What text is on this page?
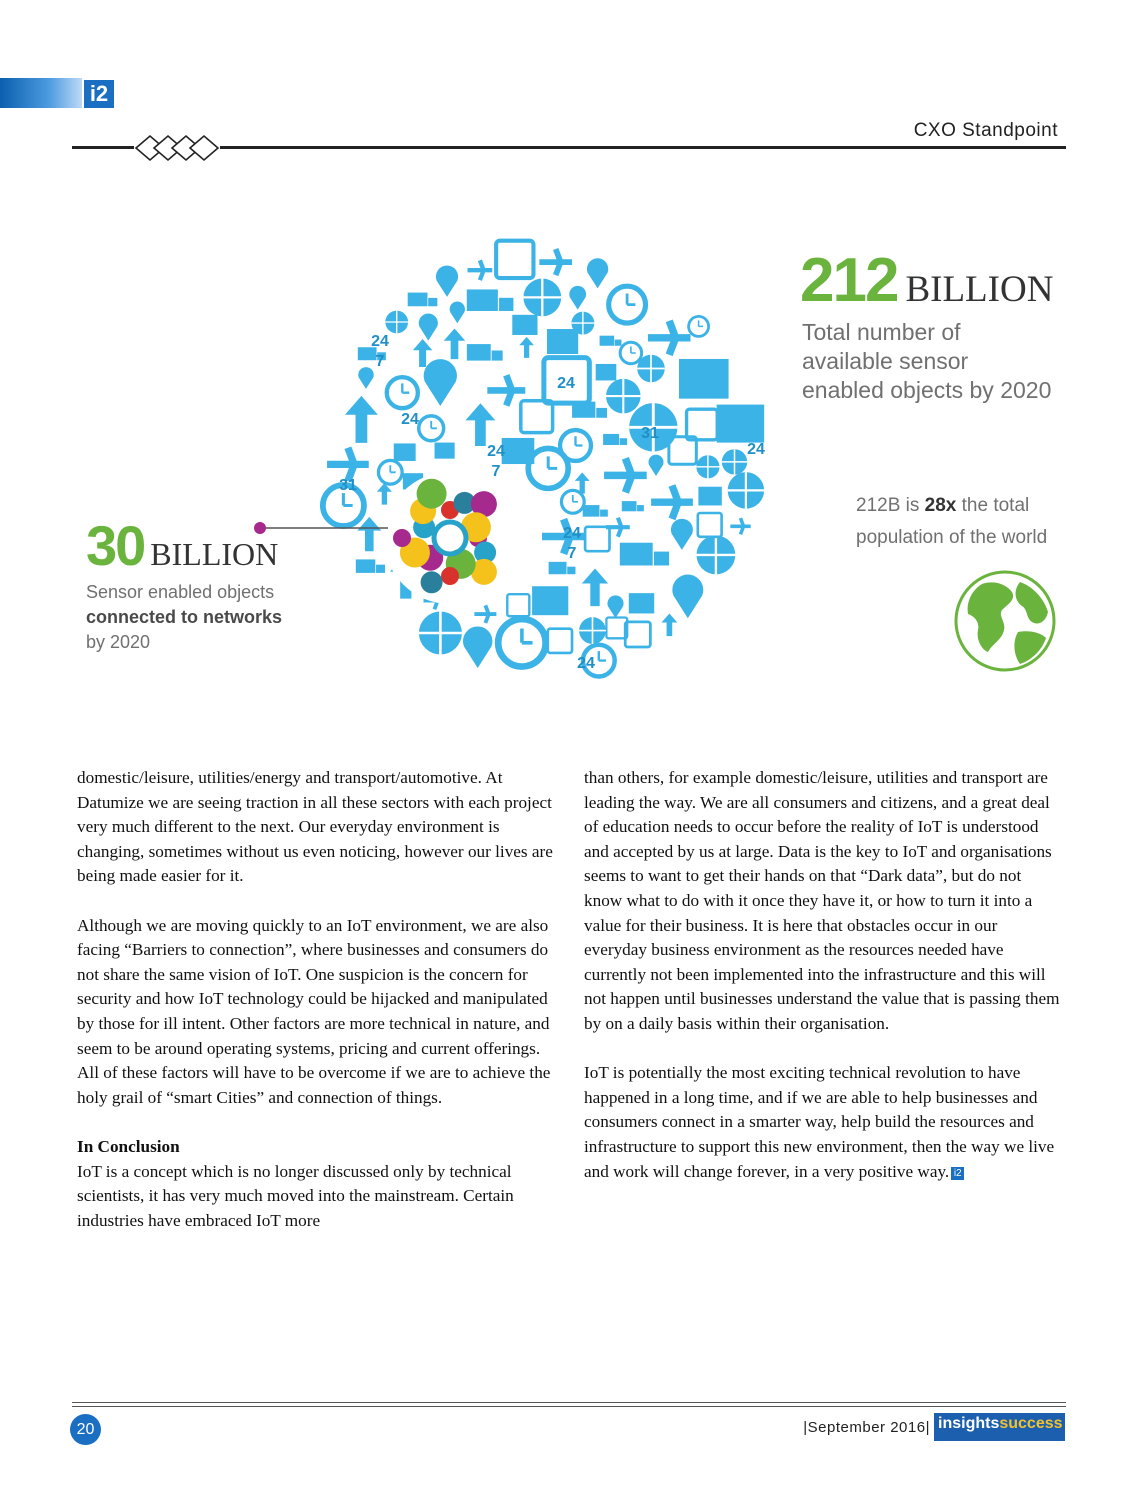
i2
CXO Standpoint
24
7
31
24
24
31
24
7
24
24
7
24
212 BILLION
Total number of available sensor enabled objects by 2020
212B is 28x the total population of the world
30 BILLION
Sensor enabled objects
connected to networks
by 2020

domestic/leisure, utilities/energy and transport/automotive. At Datumize we are seeing traction in all these sectors with each project very much different to the next. Our everyday environment is changing, sometimes without us even noticing, however our lives are being made easier for it.

Although we are moving quickly to an IoT environment, we are also facing “Barriers to connection”, where businesses and consumers do not share the same vision of IoT. One suspicion is the concern for security and how IoT technology could be hijacked and manipulated by those for ill intent. Other factors are more technical in nature, and seem to be around operating systems, pricing and current offerings. All of these factors will have to be overcome if we are to achieve the holy grail of “smart Cities” and connection of things.

In Conclusion

IoT is a concept which is no longer discussed only by technical scientists, it has very much moved into the mainstream. Certain industries have embraced IoT more

than others, for example domestic/leisure, utilities and transport are leading the way. We are all consumers and citizens, and a great deal of education needs to occur before the reality of IoT is understood and accepted by us at large. Data is the key to IoT and organisations seems to want to get their hands on that “Dark data”, but do not know what to do with it once they have it, or how to turn it into a value for their business. It is here that obstacles occur in our everyday business environment as the resources needed have currently not been implemented into the infrastructure and this will not happen until businesses understand the value that is passing them by on a daily basis within their organisation.

IoT is potentially the most exciting technical revolution to have happened in a long time, and if we are able to help businesses and consumers connect in a smarter way, help build the resources and infrastructure to support this new environment, then the way we live and work will change forever, in a very positive way. i2

20	|September 2016| insightssuccess
